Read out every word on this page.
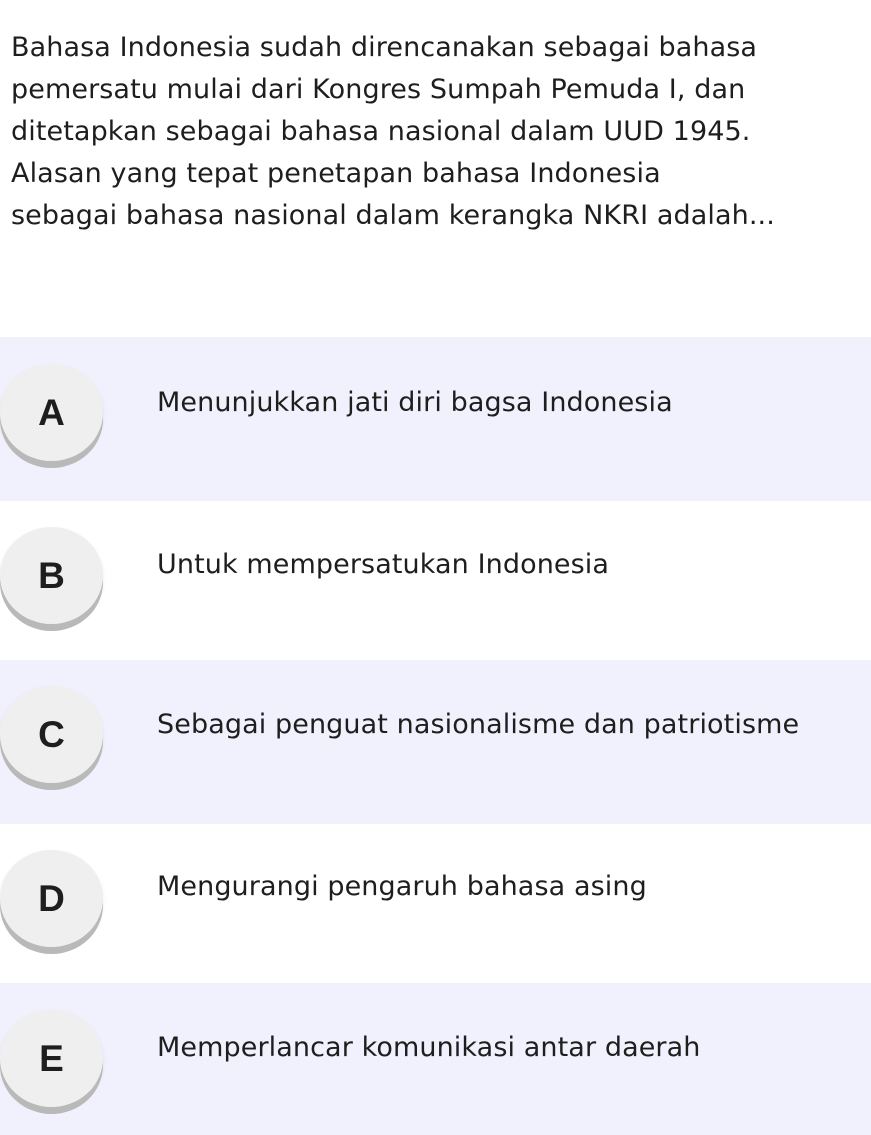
Bahasa Indonesia sudah direncanakan sebagai bahasa
pemersatu mulai dari Kongres Sumpah Pemuda I, dan
ditetapkan sebagai bahasa nasional dalam UUD 1945.
Alasan yang tepat penetapan bahasa Indonesia
sebagai bahasa nasional dalam kerangka NKRI adalah...

A	Menunjukkan jati diri bagsa Indonesia
B	Untuk mempersatukan Indonesia
C	Sebagai penguat nasionalisme dan patriotisme
D	Mengurangi pengaruh bahasa asing
E	Memperlancar komunikasi antar daerah
